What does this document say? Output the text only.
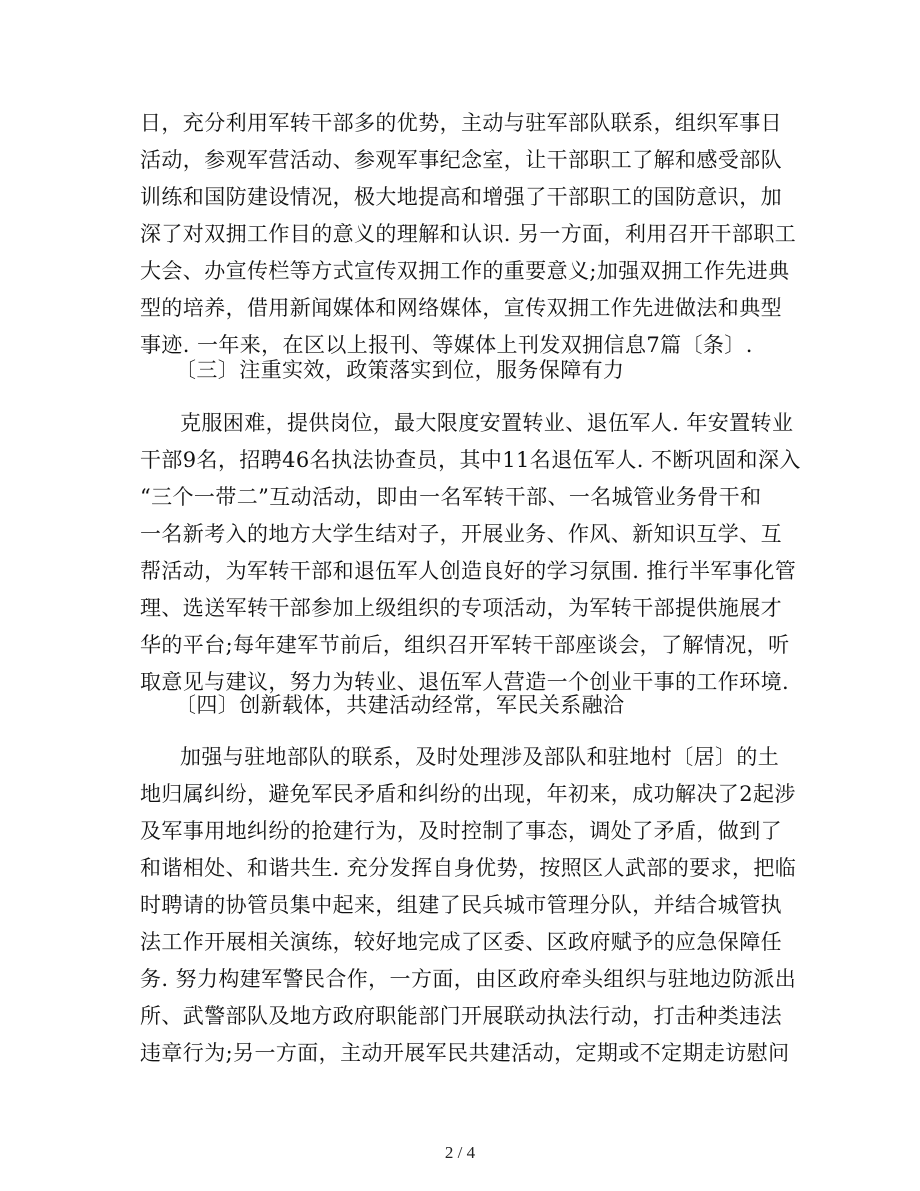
日，充分利用军转干部多的优势，主动与驻军部队联系，组织军事日
活动，参观军营活动、参观军事纪念室，让干部职工了解和感受部队
训练和国防建设情况，极大地提高和增强了干部职工的国防意识，加
深了对双拥工作目的意义的理解和认识. 另一方面，利用召开干部职工
大会、办宣传栏等方式宣传双拥工作的重要意义;加强双拥工作先进典
型的培养，借用新闻媒体和网络媒体，宣传双拥工作先进做法和典型
事迹. 一年来，在区以上报刊、等媒体上刊发双拥信息7篇〔条〕.
〔三〕注重实效，政策落实到位，服务保障有力
克服困难，提供岗位，最大限度安置转业、退伍军人. 年安置转业
干部9名，招聘46名执法协查员，其中11名退伍军人. 不断巩固和深入
“三个一带二”互动活动，即由一名军转干部、一名城管业务骨干和
一名新考入的地方大学生结对子，开展业务、作风、新知识互学、互
帮活动，为军转干部和退伍军人创造良好的学习氛围. 推行半军事化管
理、选送军转干部参加上级组织的专项活动，为军转干部提供施展才
华的平台;每年建军节前后，组织召开军转干部座谈会，了解情况，听
取意见与建议，努力为转业、退伍军人营造一个创业干事的工作环境.
〔四〕创新载体，共建活动经常，军民关系融洽
加强与驻地部队的联系，及时处理涉及部队和驻地村〔居〕的土
地归属纠纷，避免军民矛盾和纠纷的出现，年初来，成功解决了2起涉
及军事用地纠纷的抢建行为，及时控制了事态，调处了矛盾，做到了
和谐相处、和谐共生. 充分发挥自身优势，按照区人武部的要求，把临
时聘请的协管员集中起来，组建了民兵城市管理分队，并结合城管执
法工作开展相关演练，较好地完成了区委、区政府赋予的应急保障任
务. 努力构建军警民合作，一方面，由区政府牵头组织与驻地边防派出
所、武警部队及地方政府职能部门开展联动执法行动，打击种类违法
违章行为;另一方面，主动开展军民共建活动，定期或不定期走访慰问
2 / 4
